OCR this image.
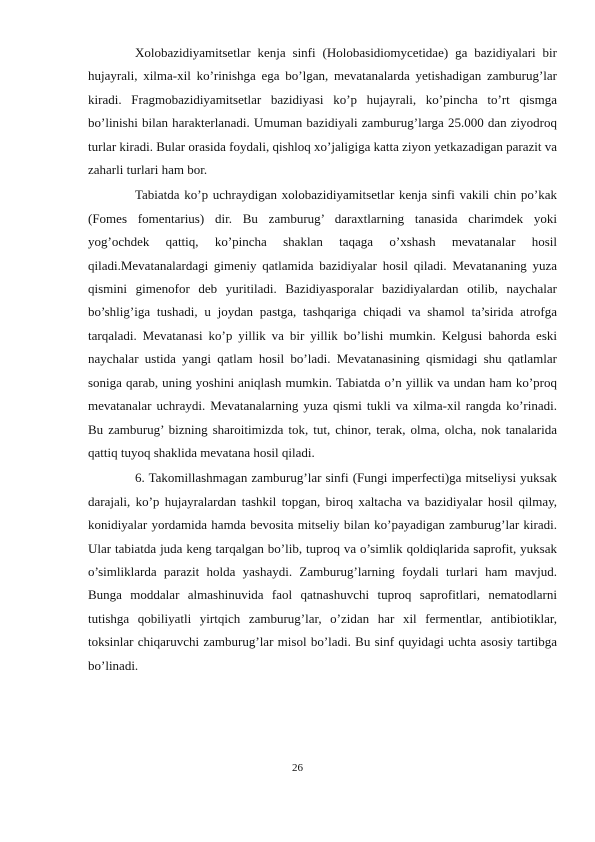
Xolobazidiyamitsetlar kenja sinfi (Holobasidiomycetidae) ga bazidiyalari bir hujayrali, xilma-xil ko’rinishga ega bo’lgan, mevatanalarda yetishadigan zamburug’lar kiradi. Fragmobazidiyamitsetlar bazidiyasi ko’p hujayrali, ko’pincha to’rt qismga bo’linishi bilan harakterlanadi. Umuman bazidiyali zamburug’larga 25.000 dan ziyodroq turlar kiradi. Bular orasida foydali, qishloq xo’jaligiga katta ziyon yetkazadigan parazit va zaharli turlari ham bor.

Tabiatda ko’p uchraydigan xolobazidiyamitsetlar kenja sinfi vakili chin po’kak (Fomes fomentarius) dir. Bu zamburug’ daraxtlarning tanasida charimdek yoki yog’ochdek qattiq, ko’pincha shaklan taqaga o’xshash mevatanalar hosil qiladi.Mevatanalardagi gimeniy qatlamida bazidiyalar hosil qiladi. Mevatananing yuza qismini gimenofor deb yuritiladi. Bazidiyasporalar bazidiyalardan otilib, naychalar bo’shlig’iga tushadi, u joydan pastga, tashqariga chiqadi va shamol ta’sirida atrofga tarqaladi. Mevatanasi ko’p yillik va bir yillik bo’lishi mumkin. Kelgusi bahorda eski naychalar ustida yangi qatlam hosil bo’ladi. Mevatanasining qismidagi shu qatlamlar soniga qarab, uning yoshini aniqlash mumkin. Tabiatda o’n yillik va undan ham ko’proq mevatanalar uchraydi. Mevatanalarning yuza qismi tukli va xilma-xil rangda ko’rinadi. Bu zamburug’ bizning sharoitimizda tok, tut, chinor, terak, olma, olcha, nok tanalarida qattiq tuyoq shaklida mevatana hosil qiladi.

6. Takomillashmagan zamburug’lar sinfi (Fungi imperfecti)ga mitseliysi yuksak darajali, ko’p hujayralardan tashkil topgan, biroq xaltacha va bazidiyalar hosil qilmay, konidiyalar yordamida hamda bevosita mitseliy bilan ko’payadigan zamburug’lar kiradi. Ular tabiatda juda keng tarqalgan bo’lib, tuproq va o’simlik qoldiqlarida saprofit, yuksak o’simliklarda parazit holda yashaydi. Zamburug’larning foydali turlari ham mavjud. Bunga moddalar almashinuvida faol qatnashuvchi tuproq saprofitlari, nematodlarni tutishga qobiliyatli yirtqich zamburug’lar, o’zidan har xil fermentlar, antibiotiklar, toksinlar chiqaruvchi zamburug’lar misol bo’ladi. Bu sinf quyidagi uchta asosiy tartibga bo’linadi.

26
